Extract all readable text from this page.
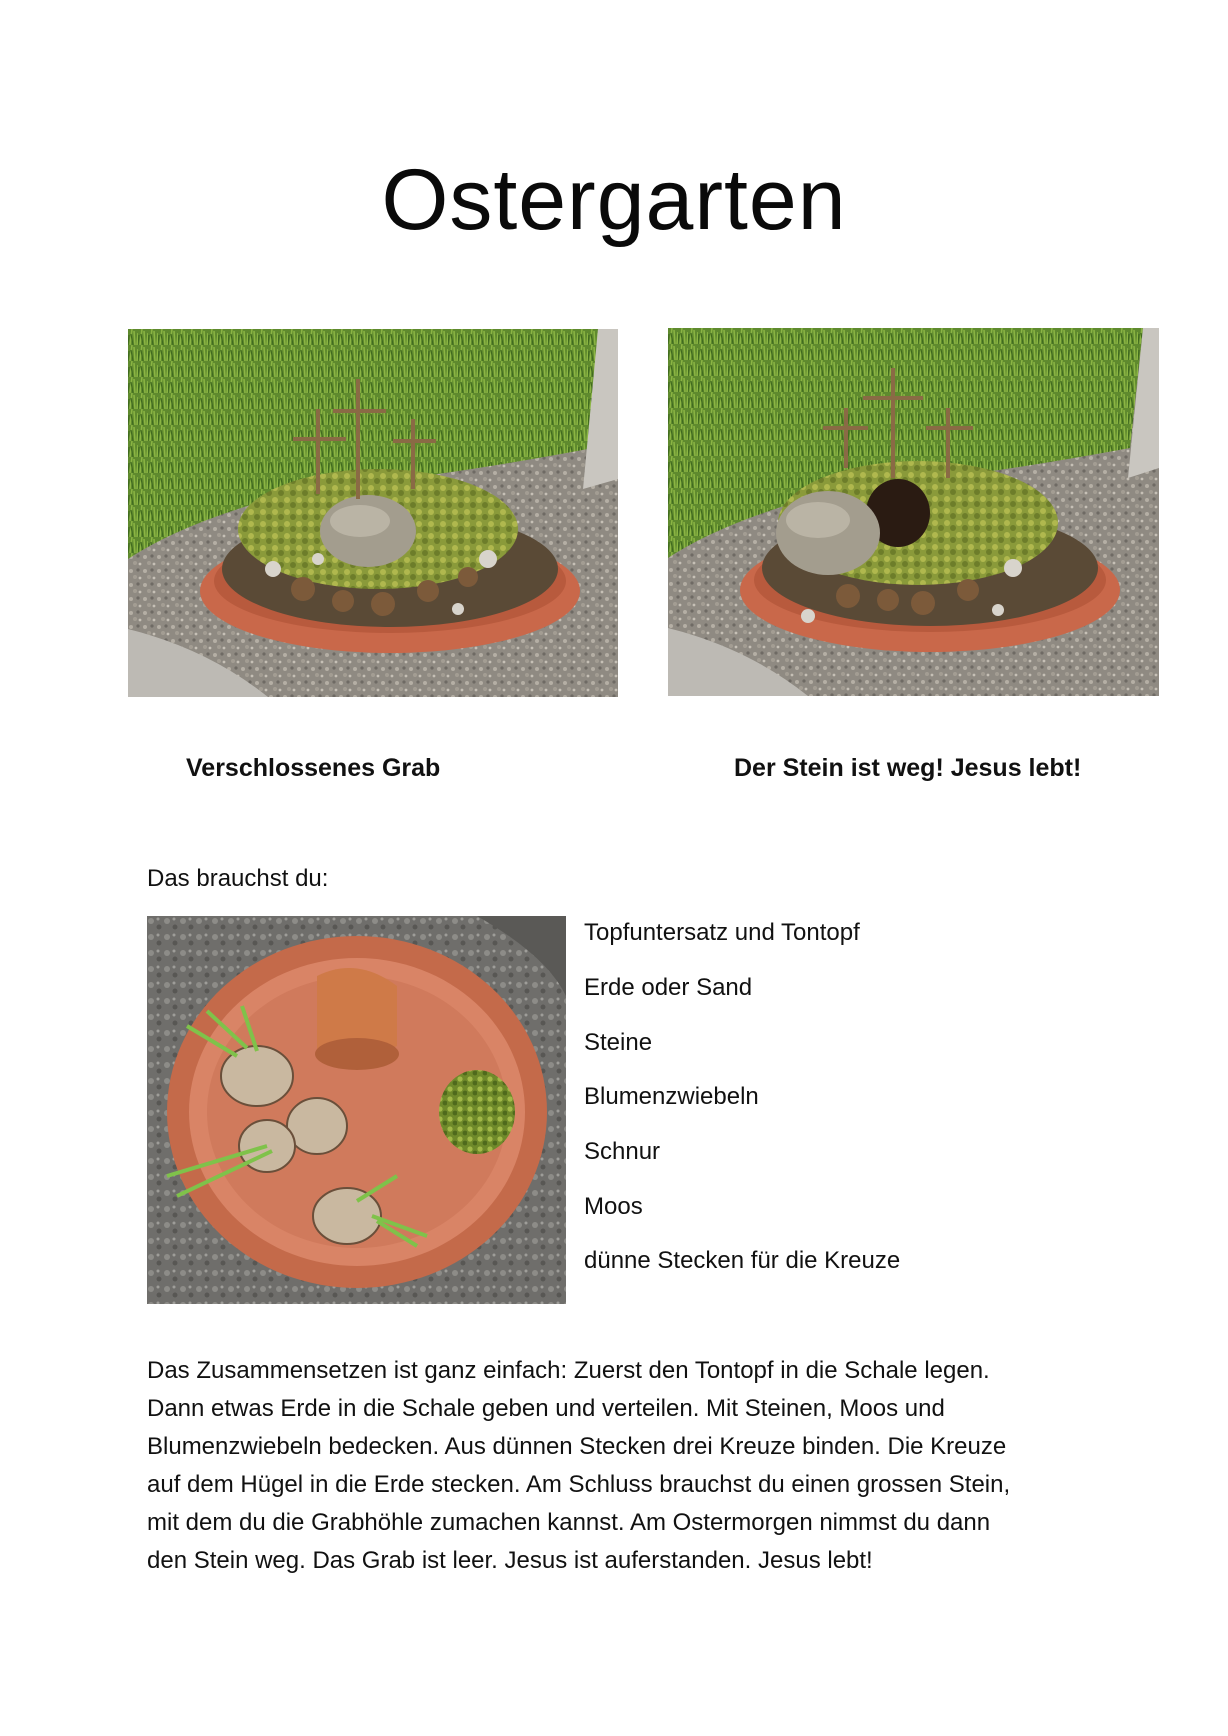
Ostergarten
Verschlossenes Grab	Der Stein ist weg! Jesus lebt!
Das brauchst du:
Topfuntersatz und Tontopf
Erde oder Sand
Steine
Blumenzwiebeln
Schnur
Moos
dünne Stecken für die Kreuze
Das Zusammensetzen ist ganz einfach: Zuerst den Tontopf in die Schale legen.
Dann etwas Erde in die Schale geben und verteilen. Mit Steinen, Moos und
Blumenzwiebeln bedecken. Aus dünnen Stecken drei Kreuze binden. Die Kreuze
auf dem Hügel in die Erde stecken. Am Schluss brauchst du einen grossen Stein,
mit dem du die Grabhöhle zumachen kannst. Am Ostermorgen nimmst du dann
den Stein weg. Das Grab ist leer. Jesus ist auferstanden. Jesus lebt!
